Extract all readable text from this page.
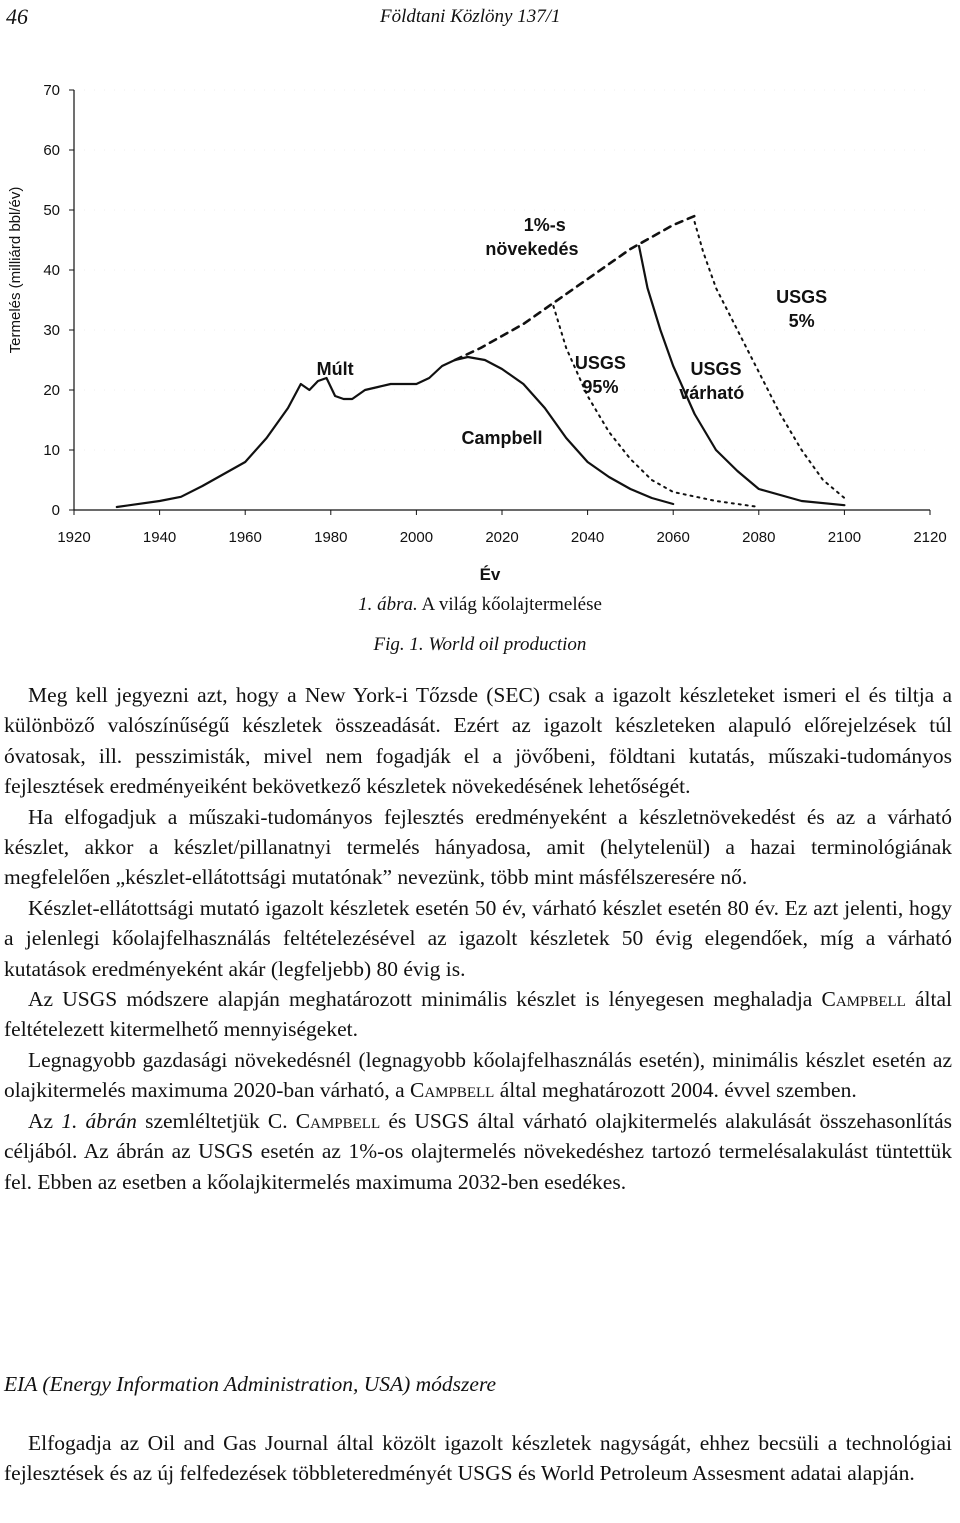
46	Földtani Közlöny 137/1
0
10
20
30
40
50
60
70
1920	1940	1960	1980	2000	2020	2040	2060	2080	2100	2120
Termelés (milliárd bbl/év)
Év
Múlt
1%-s
növekedés
USGS
95%
USGS
várható
USGS
5%
Campbell
1. ábra. A világ kőolajtermelése
Fig. 1. World oil production

Meg kell jegyezni azt, hogy a New York-i Tőzsde (SEC) csak a igazolt készleteket ismeri el és tiltja a különböző valószínűségű készletek összeadását. Ezért az igazolt készleteken alapuló előrejelzések túl óvatosak, ill. pesszimisták, mivel nem fogadják el a jövőbeni, földtani kutatás, műszaki-tudományos fejlesztések eredményeiként bekövetkező készletek növekedésének lehetőségét.

Ha elfogadjuk a műszaki-tudományos fejlesztés eredményeként a készletnövekedést és az a várható készlet, akkor a készlet/pillanatnyi termelés hányadosa, amit (helytelenül) a hazai terminológiának megfelelően „készlet-ellátottsági mutatónak” nevezünk, több mint másfélszeresére nő.

Készlet-ellátottsági mutató igazolt készletek esetén 50 év, várható készlet esetén 80 év. Ez azt jelenti, hogy a jelenlegi kőolajfelhasználás feltételezésével az igazolt készletek 50 évig elegendőek, míg a várható kutatások eredményeként akár (legfeljebb) 80 évig is.

Az USGS módszere alapján meghatározott minimális készlet is lényegesen meghaladja Campbell által feltételezett kitermelhető mennyiségeket.

Legnagyobb gazdasági növekedésnél (legnagyobb kőolajfelhasználás esetén), minimális készlet esetén az olajkitermelés maximuma 2020-ban várható, a Campbell által meghatározott 2004. évvel szemben.

Az 1. ábrán szemléltetjük C. Campbell és USGS által várható olajkitermelés alakulását összehasonlítás céljából. Az ábrán az USGS esetén az 1%-os olajtermelés növekedéshez tartozó termelésalakulást tüntettük fel. Ebben az esetben a kőolajkitermelés maximuma 2032-ben esedékes.

EIA (Energy Information Administration, USA) módszere

Elfogadja az Oil and Gas Journal által közölt igazolt készletek nagyságát, ehhez becsüli a technológiai fejlesztések és az új felfedezések többleteredményét USGS és World Petroleum Assesment adatai alapján.
